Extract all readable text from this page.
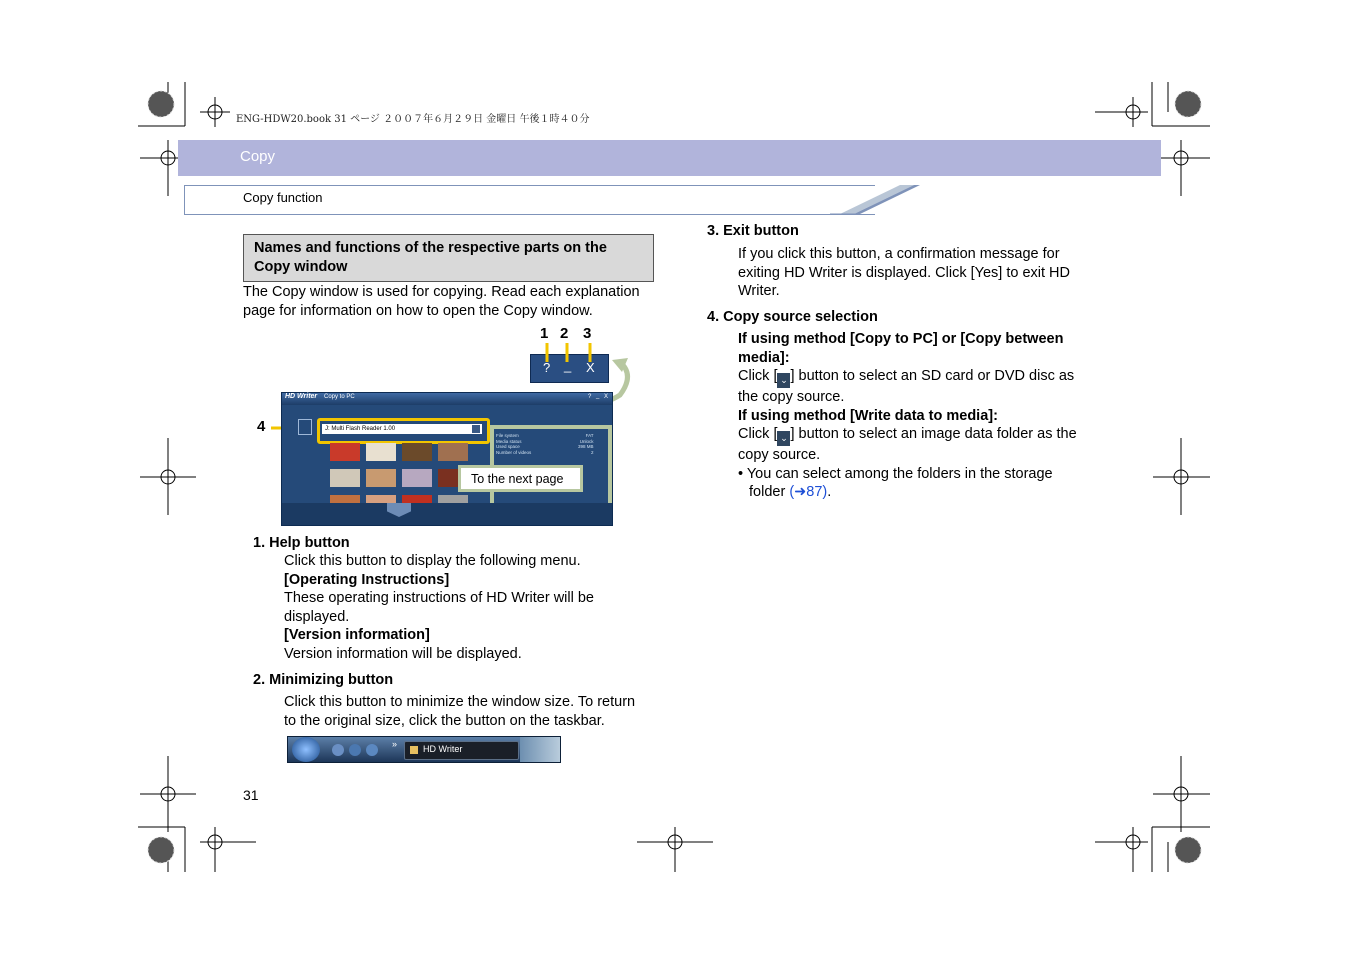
ENG-HDW20.book 31 ページ ２００７年６月２９日 金曜日 午後１時４０分
Copy
Copy function
Names and functions of the respective parts on the Copy window
The Copy window is used for copying. Read each explanation
page for information on how to open the Copy window.
1 2 3
4
? _ X
HD Writer Copy to PC	? _ X
J: Multi Flash Reader 1.00
File system
Media status
Used space
Number of videos
FAT
Unlock
398 MB
2
To the next page
1. Help button
Click this button to display the following menu.
[Operating Instructions]
These operating instructions of HD Writer will be
displayed.
[Version information]
Version information will be displayed.
2. Minimizing button
Click this button to minimize the window size. To return
to the original size, click the button on the taskbar.
»	HD Writer
31
3. Exit button
If you click this button, a confirmation message for
exiting HD Writer is displayed. Click [Yes] to exit HD
Writer.
4. Copy source selection
If using method [Copy to PC] or [Copy between
media]:
Click [ ⌄ ] button to select an SD card or DVD disc as
the copy source.
If using method [Write data to media]:
Click [ ⌄ ] button to select an image data folder as the
copy source.
• You can select among the folders in the storage
folder (➜87).
